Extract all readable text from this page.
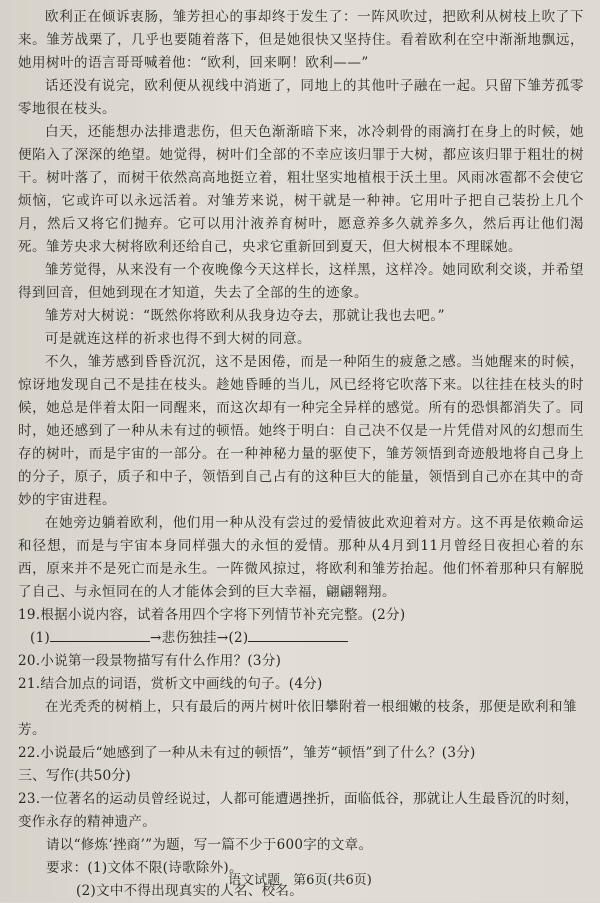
欧利正在倾诉衷肠，雏芳担心的事却终于发生了：一阵风吹过，把欧利从树枝上吹了下来。雏芳战栗了，几乎也要随着落下，但是她很快又坚持住。看着欧利在空中渐渐地飘远，她用树叶的语言哥哥喊着他：“欧利，回来啊！欧利——”

话还没有说完，欧利便从视线中消逝了，同地上的其他叶子融在一起。只留下雏芳孤零零地很在枝头。

白天，还能想办法排遣悲伤，但天色渐渐暗下来，冰冷刺骨的雨滴打在身上的时候，她便陷入了深深的绝望。她觉得，树叶们全部的不幸应该归罪于大树，都应该归罪于粗壮的树干。树叶落了，而树干依然高高地挺立着，粗壮坚实地植根于沃土里。风雨冰雹都不会使它烦恼，它或许可以永远活着。对雏芳来说，树干就是一种神。它用叶子把自己装扮上几个月，然后又将它们抛弃。它可以用汁液养育树叶，愿意养多久就养多久，然后再让他们渴死。雏芳央求大树将欧利还给自己，央求它重新回到夏天，但大树根本不理睬她。

雏芳觉得，从来没有一个夜晚像今天这样长，这样黑，这样冷。她同欧利交谈，并希望得到回音，但她到现在才知道，失去了全部的生的迹象。

雏芳对大树说：“既然你将欧利从我身边夺去，那就让我也去吧。”

可是就连这样的祈求也得不到大树的同意。

不久，雏芳感到昏昏沉沉，这不是困倦，而是一种陌生的疲惫之感。当她醒来的时候，惊讶地发现自己不是挂在枝头。趁她昏睡的当儿，风已经将它吹落下来。以往挂在枝头的时候，她总是伴着太阳一同醒来，而这次却有一种完全异样的感觉。所有的恐惧都消失了。同时，她还感到了一种从未有过的顿悟。她终于明白：自己决不仅是一片凭借对风的幻想而生存的树叶，而是宇宙的一部分。在一种神秘力量的驱使下，雏芳领悟到奇迹般地将自己身上的分子，原子，质子和中子，领悟到自己占有的这种巨大的能量，领悟到自己亦在其中的奇妙的宇宙进程。

在她旁边躺着欧利，他们用一种从没有尝过的爱情彼此欢迎着对方。这不再是依赖命运和径想，而是与宇宙本身同样强大的永恒的爱情。那种从4月到11月曾经日夜担心着的东西，原来并不是死亡而是永生。一阵微风掠过，将欧利和雏芳抬起。他们怀着那种只有解脱了自己、与永恒同在的人才能体会到的巨大幸福，翩翩翱翔。

19.根据小说内容，试着各用四个字将下列情节补充完整。(2分)
(1)	→悲伤独挂→(2)
20.小说第一段景物描写有什么作用？(3分)
21.结合加点的词语，赏析文中画线的句子。(4分)

在光秃秃的树梢上，只有最后的两片树叶依旧攀附着一根细嫩的枝条，那便是欧利和雏芳。

22.小说最后“她感到了一种从未有过的顿悟”，雏芳“顿悟”到了什么？(3分)
三、写作(共50分)
23.一位著名的运动员曾经说过，人都可能遭遇挫折，面临低谷，那就让人生最昏沉的时刻，变作永存的精神遗产。
请以“修炼‘挫商’”为题，写一篇不少于600字的文章。
要求：(1)文体不限(诗歌除外)。
(2)文中不得出现真实的人名、校名。
语文试题　第6页(共6页)
